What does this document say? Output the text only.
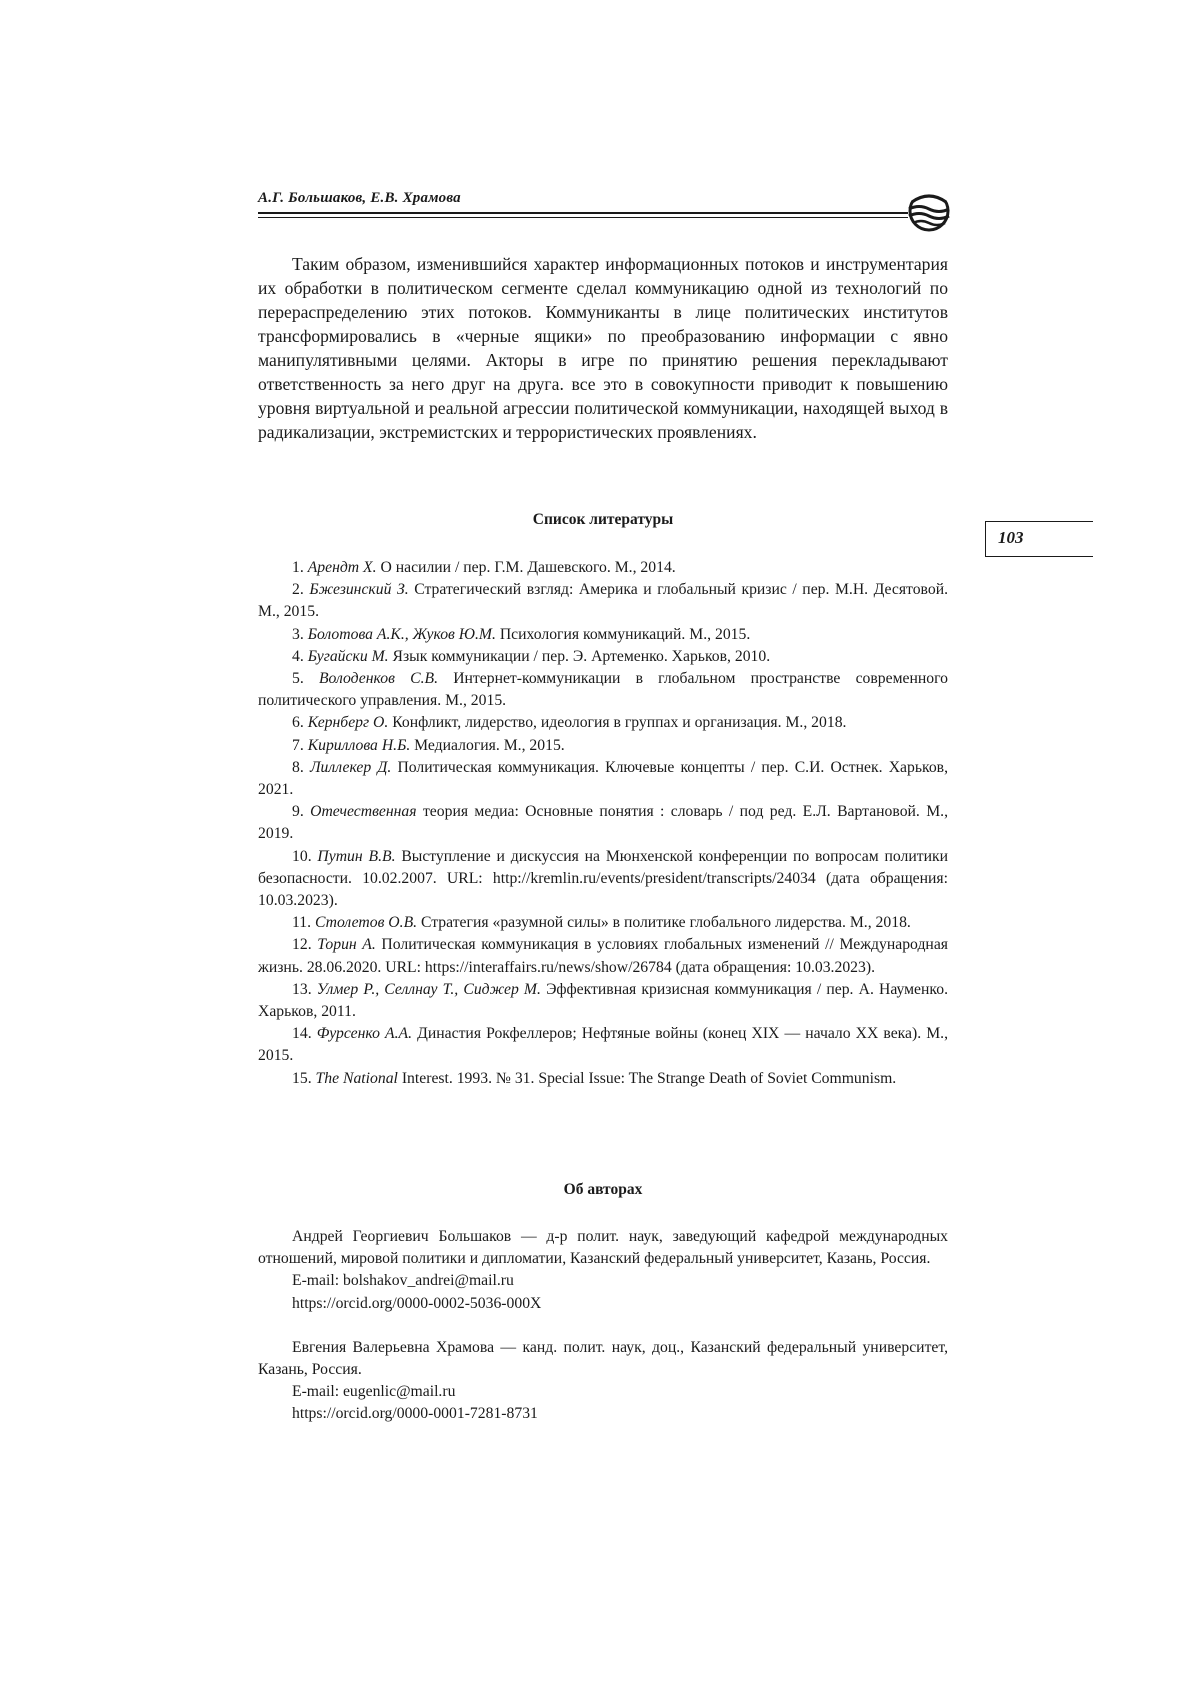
А.Г. Большаков, Е.В. Храмова

Таким образом, изменившийся характер информационных потоков и инструментария их обработки в политическом сегменте сделал коммуникацию одной из технологий по перераспределению этих потоков. Коммуниканты в лице политических институтов трансформировались в «черные ящики» по преобразованию информации с явно манипулятивными целями. Акторы в игре по принятию решения перекладывают ответственность за него друг на друга. все это в совокупности приводит к повышению уровня виртуальной и реальной агрессии политической коммуникации, находящей выход в радикализации, экстремистских и террористических проявлениях.

Список литературы

1. Арендт Х. О насилии / пер. Г.М. Дашевского. М., 2014.

2. Бжезинский З. Стратегический взгляд: Америка и глобальный кризис / пер. М.Н. Десятовой. М., 2015.

3. Болотова А.К., Жуков Ю.М. Психология коммуникаций. М., 2015.

4. Бугайски М. Язык коммуникации / пер. Э. Артеменко. Харьков, 2010.

5. Володенков С.В. Интернет-коммуникации в глобальном пространстве современного политического управления. М., 2015.

6. Кернберг О. Конфликт, лидерство, идеология в группах и организация. М., 2018.

7. Кириллова Н.Б. Медиалогия. М., 2015.

8. Лиллекер Д. Политическая коммуникация. Ключевые концепты / пер. С.И. Остнек. Харьков, 2021.

9. Отечественная теория медиа: Основные понятия : словарь / под ред. Е.Л. Вартановой. М., 2019.

10. Путин В.В. Выступление и дискуссия на Мюнхенской конференции по вопросам политики безопасности. 10.02.2007. URL: http://kremlin.ru/events/president/transcripts/24034 (дата обращения: 10.03.2023).

11. Столетов О.В. Стратегия «разумной силы» в политике глобального лидерства. М., 2018.

12. Торин А. Политическая коммуникация в условиях глобальных изменений // Международная жизнь. 28.06.2020. URL: https://interaffairs.ru/news/show/26784 (дата обращения: 10.03.2023).

13. Улмер Р., Селлнау Т., Сиджер М. Эффективная кризисная коммуникация / пер. А. Науменко. Харьков, 2011.

14. Фурсенко А.А. Династия Рокфеллеров; Нефтяные войны (конец XIX — начало XX века). М., 2015.

15. The National Interest. 1993. № 31. Special Issue: The Strange Death of Soviet Communism.

Об авторах

Андрей Георгиевич Большаков — д-р полит. наук, заведующий кафедрой международных отношений, мировой политики и дипломатии, Казанский федеральный университет, Казань, Россия.

E-mail: bolshakov_andrei@mail.ru

https://orcid.org/0000-0002-5036-000X

Евгения Валерьевна Храмова — канд. полит. наук, доц., Казанский федеральный университет, Казань, Россия.

E-mail: eugenlic@mail.ru

https://orcid.org/0000-0001-7281-8731

103
